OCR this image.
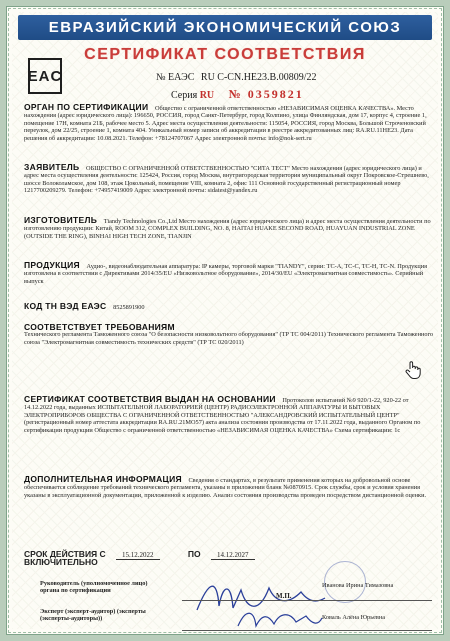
ЕВРАЗИЙСКИЙ ЭКОНОМИЧЕСКИЙ СОЮЗ
СЕРТИФИКАТ СООТВЕТСТВИЯ
EAC	№ ЕАЭС RU С-CN.НЕ23.В.00809/22
Серия RU № 0359821
ОРГАН ПО СЕРТИФИКАЦИИ Общество с ограниченной ответственностью «НЕЗАВИСИМАЯ ОЦЕНКА КАЧЕСТВА». Место нахождения (адрес юридического лица): 196650, РОССИЯ, город Санкт-Петербург, город Колпино, улица Финляндская, дом 17, корпус 4, строение 1, помещение 17Н, комната 21Б, рабочее место 5. Адрес места осуществления деятельности: 115054, РОССИЯ, город Москва, Большой Строченовский переулок, дом 22/25, строение 1, комната 404. Уникальный номер записи об аккредитации в реестре аккредитованных лиц: RA.RU.11НЕ23. Дата решения об аккредитации: 10.08.2021. Телефон: +78124707067 Адрес электронной почты: info@nok-sert.ru
ЗАЯВИТЕЛЬ ОБЩЕСТВО С ОГРАНИЧЕННОЙ ОТВЕТСТВЕННОСТЬЮ "СИТА ТЕСТ" Место нахождения (адрес юридического лица) и адрес места осуществления деятельности: 125424, Россия, город Москва, внутригородская территория муниципальный округ Покровское-Стрешнево, шоссе Волоколамское, дом 108, этаж Цокольный, помещение VIII, комната 2, офис 111 Основной государственный регистрационный номер 1217700209279. Телефон: +74957419009 Адрес электронной почты: sidatest@yandex.ru
ИЗГОТОВИТЕЛЬ Tiandy Technologies Co.,Ltd Место нахождения (адрес юридического лица) и адрес места осуществления деятельности по изготовлению продукции: Китай, ROOM 312, COMPLEX BUILDING, NO. 8, HAITAI HUAKE SECOND ROAD, HUAYUAN INDUSTRIAL ZONE (OUTSIDE THE RING), BINHAI HIGH TECH ZONE, TIANJIN
ПРОДУКЦИЯ Аудио-, видеонаблюдательная аппаратура: IP камеры, торговой марки "TIANDY", серии: TC-A, TC-C, TC-H, TC-N. Продукция изготовлена в соответствии с Директивами 2014/35/EU «Низковольтное оборудование», 2014/30/EU «Электромагнитная совместимость». Серийный выпуск
КОД ТН ВЭД ЕАЭС 8525891900
СООТВЕТСТВУЕТ ТРЕБОВАНИЯМ
Технического регламента Таможенного союза "О безопасности низковольтного оборудования" (ТР ТС 004/2011) Технического регламента Таможенного союза "Электромагнитная совместимость технических средств" (ТР ТС 020/2011)
СЕРТИФИКАТ СООТВЕТСТВИЯ ВЫДАН НА ОСНОВАНИИ Протоколов испытаний №9 920/1-22, 920-22 от 14.12.2022 года, выданных ИСПЫТАТЕЛЬНОЙ ЛАБОРАТОРИЕЙ (ЦЕНТР) РАДИОЭЛЕКТРОННОЙ АППАРАТУРЫ И БЫТОВЫХ ЭЛЕКТРОПРИБОРОВ ОБЩЕСТВА С ОГРАНИЧЕННОЙ ОТВЕТСТВЕННОСТЬЮ "АЛЕКСАНДРОВСКИЙ ИСПЫТАТЕЛЬНЫЙ ЦЕНТР" (регистрационный номер аттестата аккредитации RA.RU.21МО57) акта анализа состояния производства от 17.11.2022 года, выданного Органом по сертификации продукции Общество с ограниченной ответственностью «НЕЗАВИСИМАЯ ОЦЕНКА КАЧЕСТВА» Схема сертификации: 1с
ДОПОЛНИТЕЛЬНАЯ ИНФОРМАЦИЯ Сведения о стандартах, в результате применения которых на добровольной основе обеспечивается соблюдение требований технического регламента, указаны в приложении бланк №0870915. Срок службы, срок и условия хранения указаны в эксплуатационной документации, приложенной к изделию. Анализ состояния производства проведен посредством дистанционной оценки.
СРОК ДЕЙСТВИЯ С 15.12.2022	ПО 14.12.2027
ВКЛЮЧИТЕЛЬНО
Руководитель (уполномоченное лицо) органа по сертификации
М.П.
Иванова Ирина Тимазовна
Эксперт (эксперт-аудитор) (эксперты (эксперты-аудиторы))	Коваль Алёна Юрьевна
